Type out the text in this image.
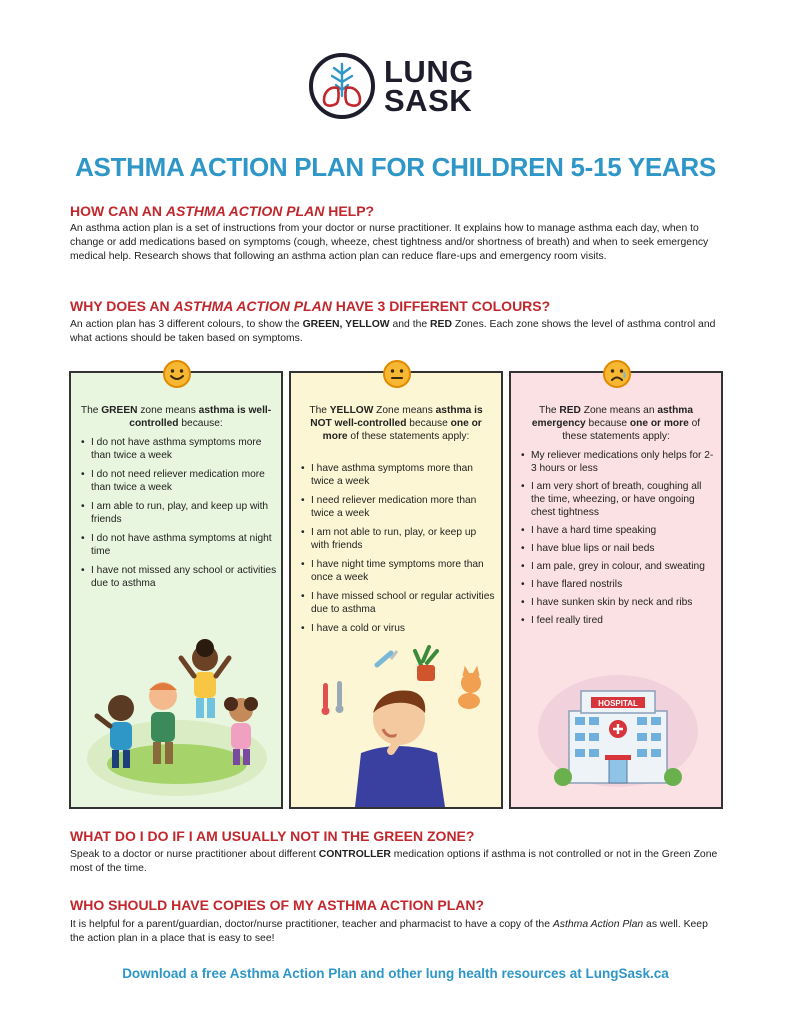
LUNG
SASK
ASTHMA ACTION PLAN FOR CHILDREN 5-15 YEARS
HOW CAN AN ASTHMA ACTION PLAN HELP?

An asthma action plan is a set of instructions from your doctor or nurse practitioner. It explains how to manage asthma each day, when to change or add medications based on symptoms (cough, wheeze, chest tightness and/or shortness of breath) and when to seek emergency medical help. Research shows that following an asthma action plan can reduce flare-ups and emergency room visits.

WHY DOES AN ASTHMA ACTION PLAN HAVE 3 DIFFERENT COLOURS?

An action plan has 3 different colours, to show the GREEN, YELLOW and the RED Zones. Each zone shows the level of asthma control and what actions should be taken based on symptoms.

The GREEN zone means asthma is well-controlled because:
• I do not have asthma symptoms more than twice a week
• I do not need reliever medication more than twice a week
• I am able to run, play, and keep up with friends
• I do not have asthma symptoms at night time
• I have not missed any school or activities due to asthma
The YELLOW Zone means asthma is NOT well-controlled because one or more of these statements apply:
• I have asthma symptoms more than twice a week
• I need reliever medication more than twice a week
• I am not able to run, play, or keep up with friends
• I have night time symptoms more than once a week
• I have missed school or regular activities due to asthma
• I have a cold or virus
The RED Zone means an asthma emergency because one or more of these statements apply:
• My reliever medications only helps for 2-3 hours or less
• I am very short of breath, coughing all the time, wheezing, or have ongoing chest tightness
• I have a hard time speaking
• I have blue lips or nail beds
• I am pale, grey in colour, and sweating
• I have flared nostrils
• I have sunken skin by neck and ribs
• I feel really tired
HOSPITAL
WHAT DO I DO IF I AM USUALLY NOT IN THE GREEN ZONE?

Speak to a doctor or nurse practitioner about different CONTROLLER medication options if asthma is not controlled or not in the Green Zone most of the time.

WHO SHOULD HAVE COPIES OF MY ASTHMA ACTION PLAN?

It is helpful for a parent/guardian, doctor/nurse practitioner, teacher and pharmacist to have a copy of the Asthma Action Plan as well. Keep the action plan in a place that is easy to see!

Download a free Asthma Action Plan and other lung health resources at LungSask.ca
